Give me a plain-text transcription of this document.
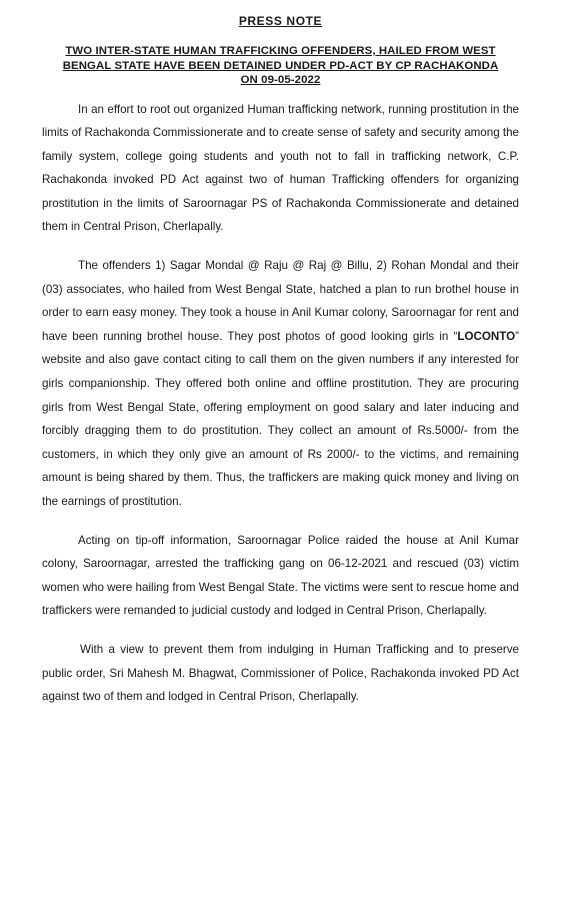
PRESS NOTE
TWO INTER-STATE HUMAN TRAFFICKING OFFENDERS, HAILED FROM WEST
BENGAL STATE HAVE BEEN DETAINED UNDER PD-ACT BY CP RACHAKONDA
ON 09-05-2022

In an effort to root out organized Human trafficking network, running prostitution in the limits of Rachakonda Commissionerate and to create sense of safety and security among the family system, college going students and youth not to fall in trafficking network, C.P. Rachakonda invoked PD Act against two of human Trafficking offenders for organizing prostitution in the limits of Saroornagar PS of Rachakonda Commissionerate and detained them in Central Prison, Cherlapally.

The offenders 1) Sagar Mondal @ Raju @ Raj @ Billu, 2) Rohan Mondal and their (03) associates, who hailed from West Bengal State, hatched a plan to run brothel house in order to earn easy money. They took a house in Anil Kumar colony, Saroornagar for rent and have been running brothel house. They post photos of good looking girls in “LOCONTO” website and also gave contact citing to call them on the given numbers if any interested for girls companionship. They offered both online and offline prostitution. They are procuring girls from West Bengal State, offering employment on good salary and later inducing and forcibly dragging them to do prostitution. They collect an amount of Rs.5000/- from the customers, in which they only give an amount of Rs 2000/- to the victims, and remaining amount is being shared by them. Thus, the traffickers are making quick money and living on the earnings of prostitution.

Acting on tip-off information, Saroornagar Police raided the house at Anil Kumar colony, Saroornagar, arrested the trafficking gang on 06-12-2021 and rescued (03) victim women who were hailing from West Bengal State. The victims were sent to rescue home and traffickers were remanded to judicial custody and lodged in Central Prison, Cherlapally.

With a view to prevent them from indulging in Human Trafficking and to preserve public order, Sri Mahesh M. Bhagwat, Commissioner of Police, Rachakonda invoked PD Act against two of them and lodged in Central Prison, Cherlapally.
